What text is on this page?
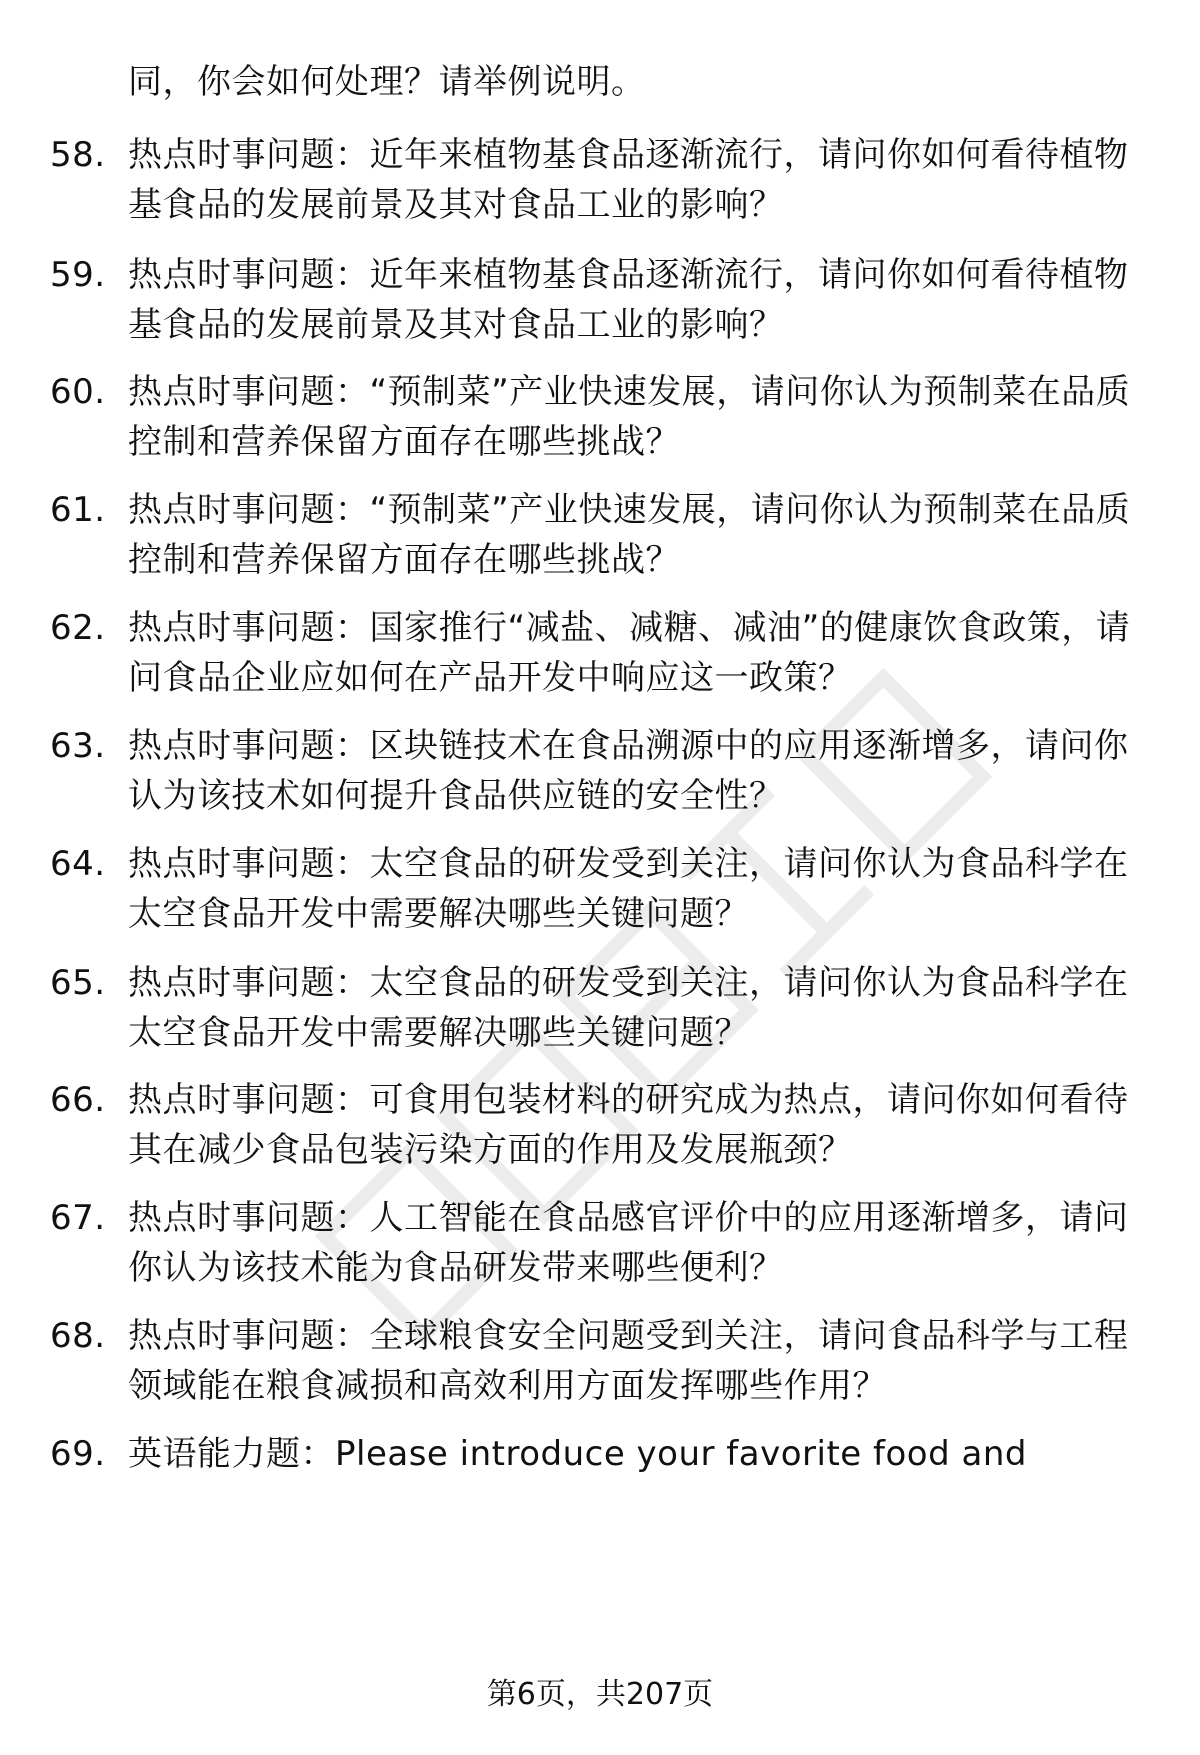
同，你会如何处理？请举例说明。
58. 热点时事问题：近年来植物基食品逐渐流行，请问你如何看待植物基食品的发展前景及其对食品工业的影响？
59. 热点时事问题：近年来植物基食品逐渐流行，请问你如何看待植物基食品的发展前景及其对食品工业的影响？
60. 热点时事问题：“预制菜”产业快速发展，请问你认为预制菜在品质控制和营养保留方面存在哪些挑战？
61. 热点时事问题：“预制菜”产业快速发展，请问你认为预制菜在品质控制和营养保留方面存在哪些挑战？
62. 热点时事问题：国家推行“减盐、减糖、减油”的健康饮食政策，请问食品企业应如何在产品开发中响应这一政策？
63. 热点时事问题：区块链技术在食品溯源中的应用逐渐增多，请问你认为该技术如何提升食品供应链的安全性？
64. 热点时事问题：太空食品的研发受到关注，请问你认为食品科学在太空食品开发中需要解决哪些关键问题？
65. 热点时事问题：太空食品的研发受到关注，请问你认为食品科学在太空食品开发中需要解决哪些关键问题？
66. 热点时事问题：可食用包装材料的研究成为热点，请问你如何看待其在减少食品包装污染方面的作用及发展瓶颈？
67. 热点时事问题：人工智能在食品感官评价中的应用逐渐增多，请问你认为该技术能为食品研发带来哪些便利？
68. 热点时事问题：全球粮食安全问题受到关注，请问食品科学与工程领域能在粮食减损和高效利用方面发挥哪些作用？
69. 英语能力题：Please introduce your favorite food and
第6页，共207页
